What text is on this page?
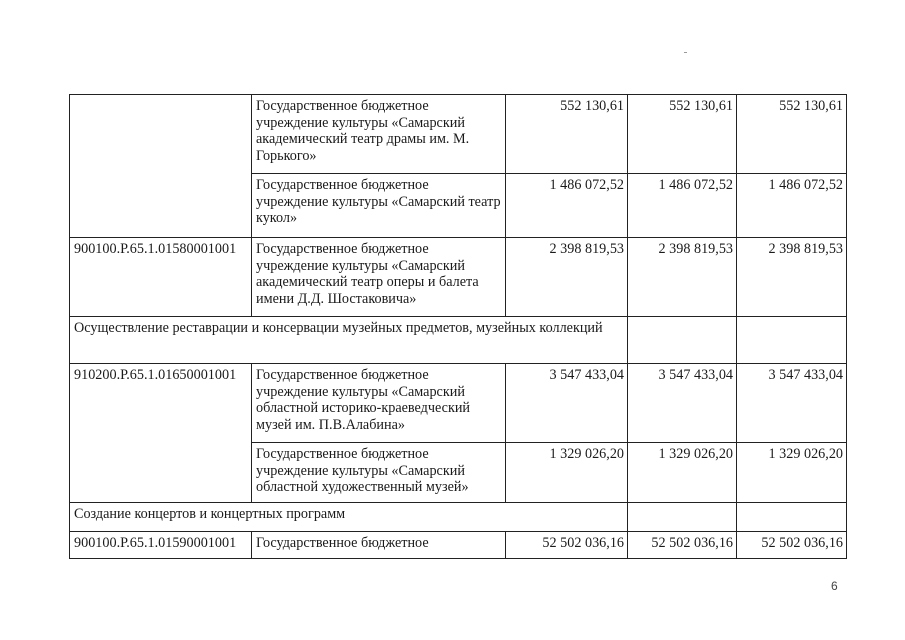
	Государственное бюджетное учреждение культуры «Самарский академический театр драмы им. М. Горького»	552 130,61	552 130,61	552 130,61
	Государственное бюджетное учреждение культуры «Самарский театр кукол»	1 486 072,52	1 486 072,52	1 486 072,52
900100.Р.65.1.01580001001	Государственное бюджетное учреждение культуры «Самарский академический театр оперы и балета имени Д.Д. Шостаковича»	2 398 819,53	2 398 819,53	2 398 819,53
Осуществление реставрации и консервации музейных предметов, музейных коллекций				
910200.Р.65.1.01650001001	Государственное бюджетное учреждение культуры «Самарский областной историко-краеведческий музей им. П.В.Алабина»	3 547 433,04	3 547 433,04	3 547 433,04
	Государственное бюджетное учреждение культуры «Самарский областной художественный музей»	1 329 026,20	1 329 026,20	1 329 026,20
Создание концертов и концертных программ				
900100.Р.65.1.01590001001	Государственное бюджетное	52 502 036,16	52 502 036,16	52 502 036,16
6
